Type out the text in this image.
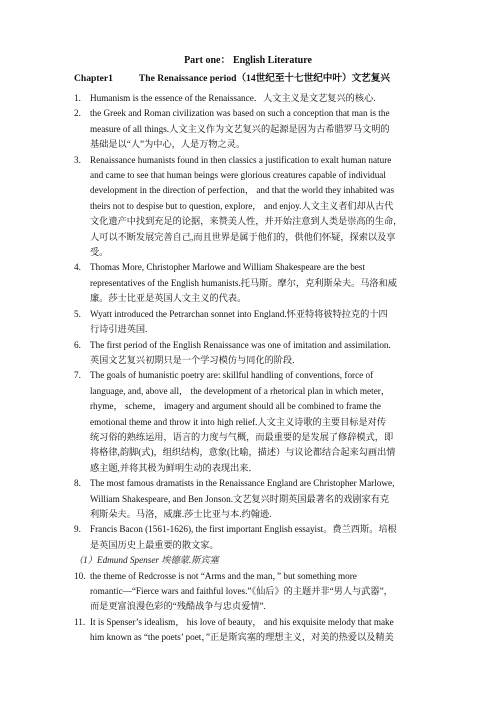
Part one： English Literature
Chapter1	The Renaissance period（14世纪至十七世纪中叶）文艺复兴
1. Humanism is the essence of the Renaissance．人文主义是文艺复兴的核心.
2. the Greek and Roman civilization was based on such a conception that man is the
measure of all things.人文主义作为文艺复兴的起源是因为古希腊罗马文明的
基础是以“人”为中心，人是万物之灵。
3. Renaissance humanists found in then classics a justification to exalt human nature
and came to see that human beings were glorious creatures capable of individual
development in the direction of perfection， and that the world they inhabited was
theirs not to despise but to question, explore， and enjoy.人文主义者们却从古代
文化遗产中找到充足的论据，来赞美人性，并开始注意到人类是崇高的生命，
人可以不断发展完善自己,而且世界是属于他们的，供他们怀疑，探索以及享
受。
4. Thomas More, Christopher Marlowe and William Shakespeare are the best
representatives of the English humanists.托马斯。摩尔，克利斯朵夫。马洛和威
廉。莎士比亚是英国人文主义的代表。
5. Wyatt introduced the Petrarchan sonnet into England.怀亚特将彼特拉克的十四
行诗引进英国.
6. The first period of the English Renaissance was one of imitation and assimilation.
英国文艺复兴初期只是一个学习模仿与同化的阶段.
7. The goals of humanistic poetry are: skillful handling of conventions, force of
language, and, above all， the development of a rhetorical plan in which meter，
rhyme， scheme， imagery and argument should all be combined to frame the
emotional theme and throw it into high relief.人文主义诗歌的主要目标是对传
统习俗的熟练运用，语言的力度与气概，而最重要的是发展了修辞模式，即
将格律,韵脚(式)，组织结构，意象(比喻，描述）与议论都结合起来勾画出情
感主题,并将其极为鲜明生动的表现出来．
8. The most famous dramatists in the Renaissance England are Christopher Marlowe,
William Shakespeare, and Ben Jonson.文艺复兴时期英国最著名的戏剧家有克
利斯朵夫。马洛，威廉.莎士比亚与本.约翰逊.
9. Francis Bacon (1561-1626), the first important English essayist。费兰西斯。培根
是英国历史上最重要的散文家。
（1）Edmund Spenser 埃德蒙.斯宾塞
10. the theme of Redcrosse is not “Arms and the man，” but something more
romantic—“Fierce wars and faithful loves.”《仙后》的主题并非“男人与武器”，
而是更富浪漫色彩的“残酷战争与忠贞爱情”.
11. It is Spenser’s idealism， his love of beauty， and his exquisite melody that make
him known as “the poets’ poet，”正是斯宾塞的理想主义，对美的热爱以及精美
